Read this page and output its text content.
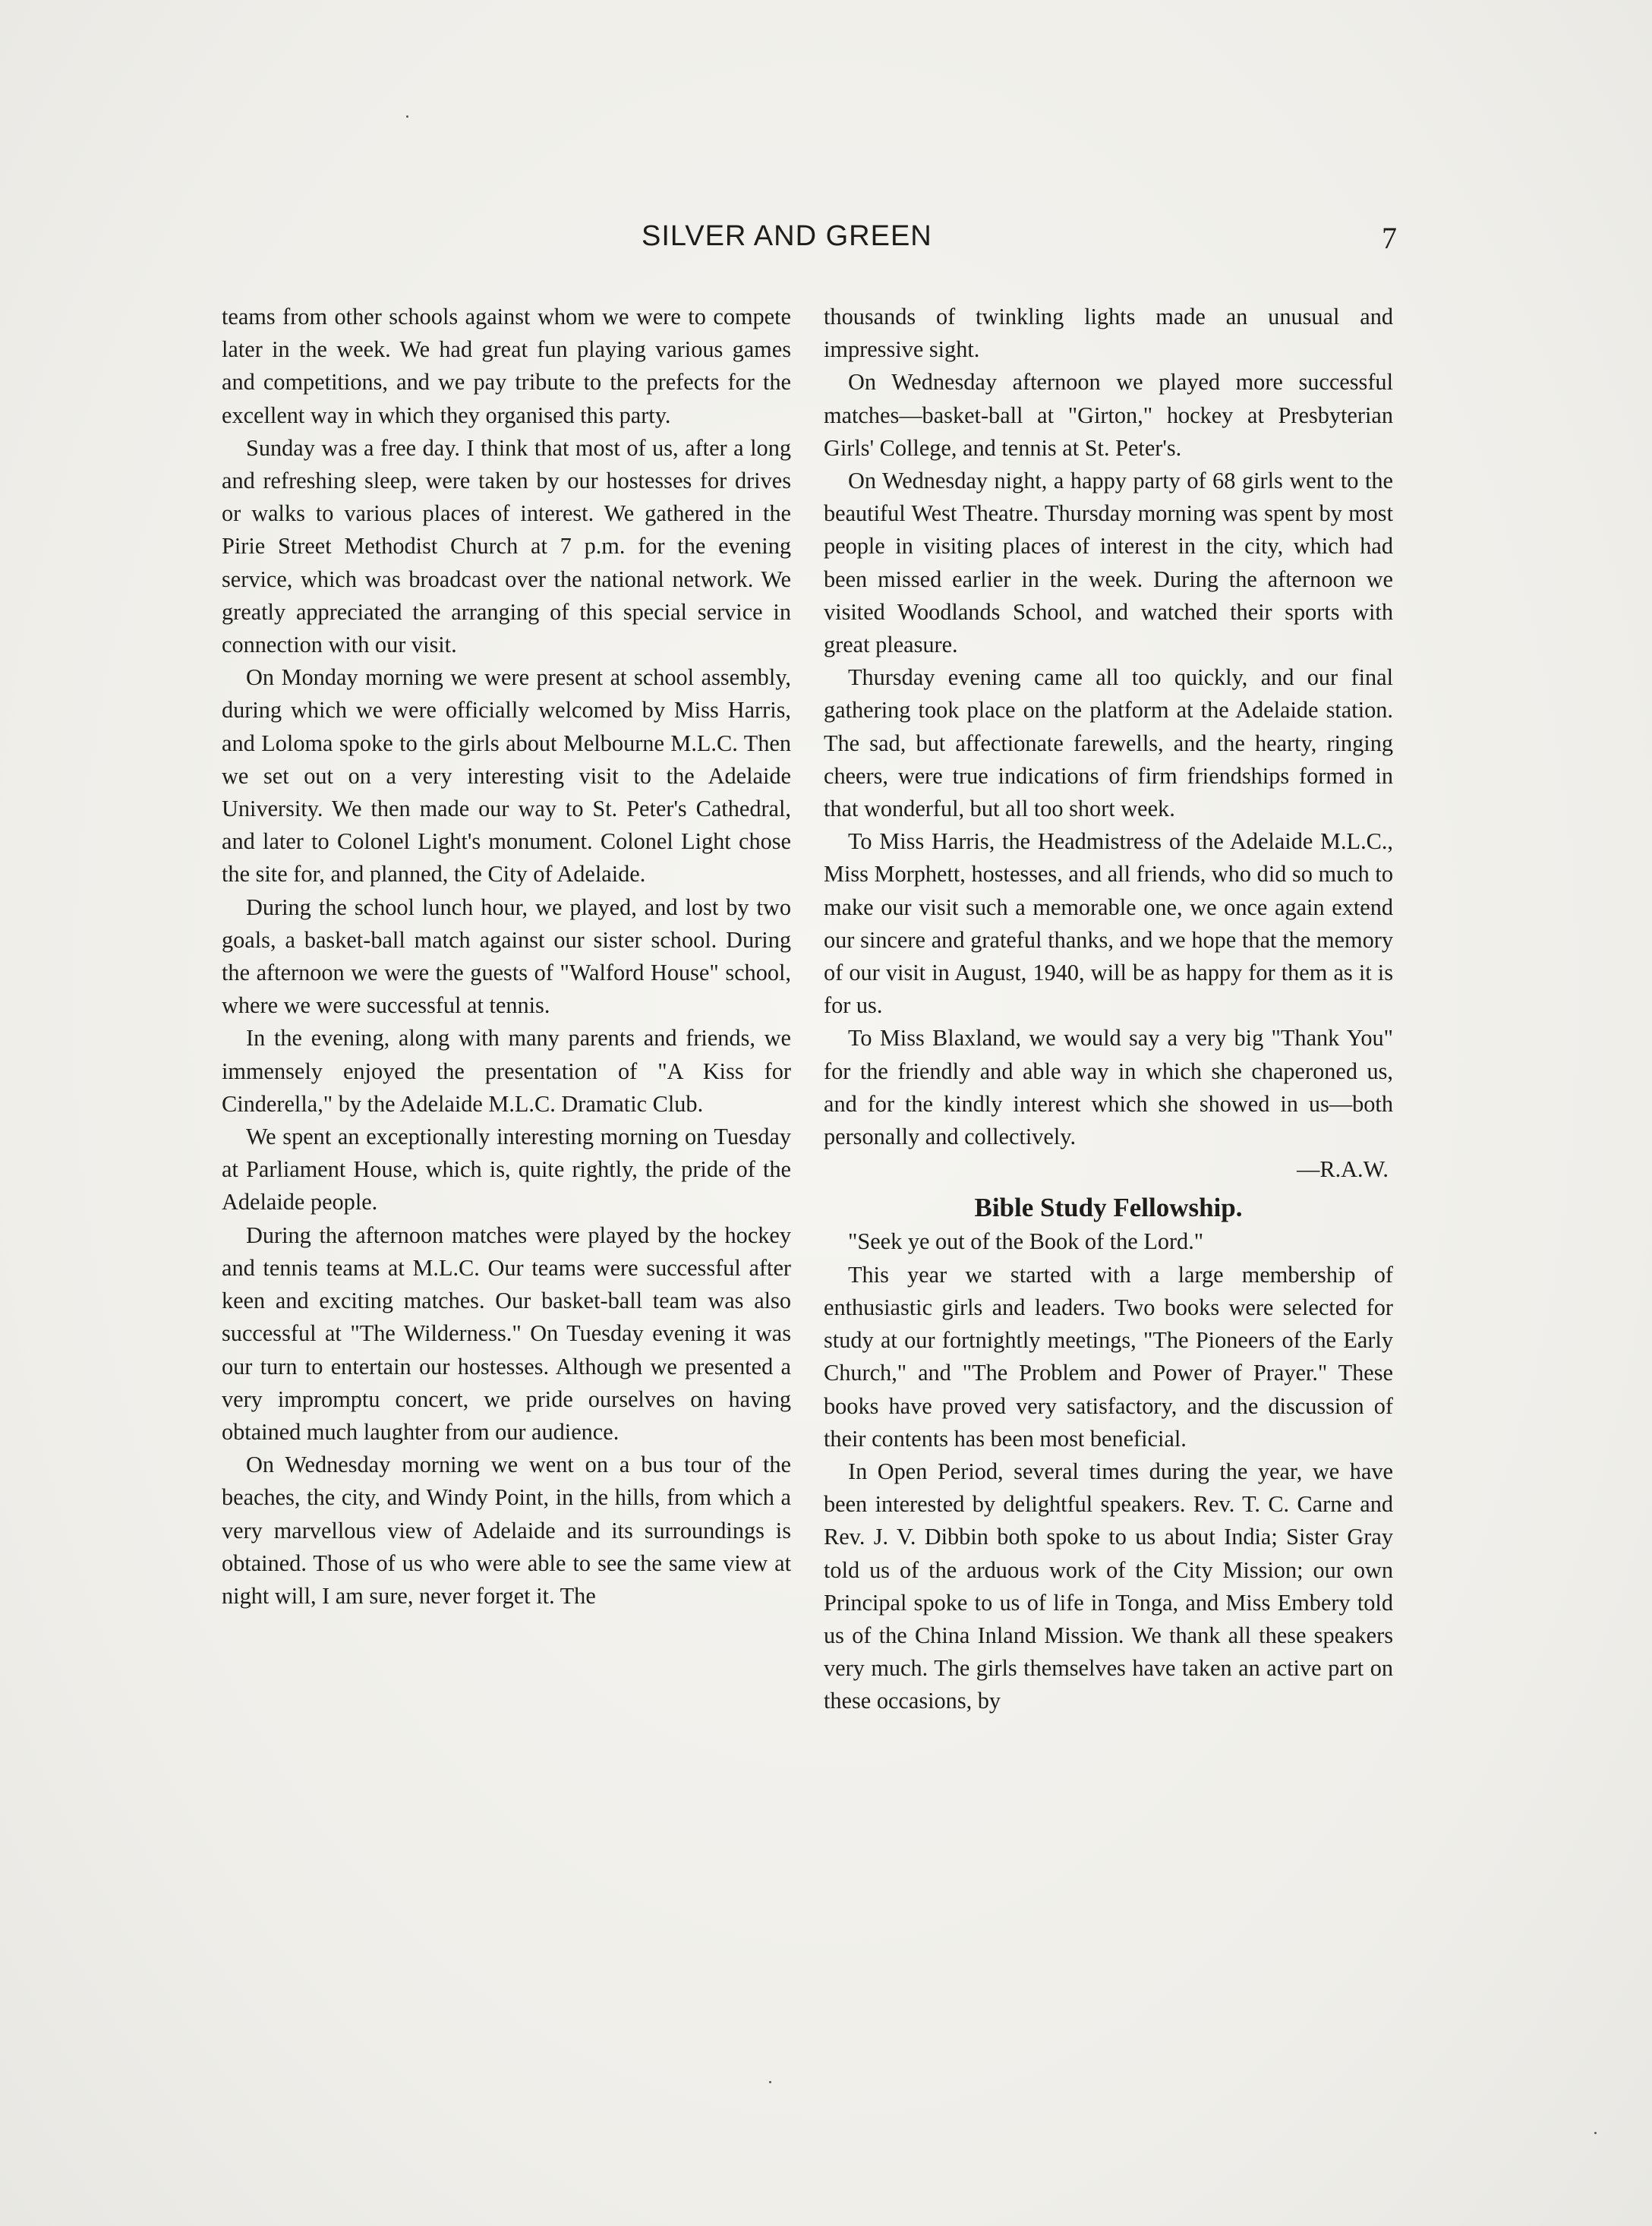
SILVER AND GREEN	7

teams from other schools against whom we were to compete later in the week. We had great fun playing various games and competitions, and we pay tribute to the prefects for the excellent way in which they organised this party.

Sunday was a free day. I think that most of us, after a long and refreshing sleep, were taken by our hostesses for drives or walks to various places of interest. We gathered in the Pirie Street Methodist Church at 7 p.m. for the evening service, which was broadcast over the national network. We greatly appreciated the arranging of this special service in connection with our visit.

On Monday morning we were present at school assembly, during which we were officially welcomed by Miss Harris, and Loloma spoke to the girls about Melbourne M.L.C. Then we set out on a very interesting visit to the Adelaide University. We then made our way to St. Peter's Cathedral, and later to Colonel Light's monument. Colonel Light chose the site for, and planned, the City of Adelaide.

During the school lunch hour, we played, and lost by two goals, a basket-ball match against our sister school. During the afternoon we were the guests of "Walford House" school, where we were successful at tennis.

In the evening, along with many parents and friends, we immensely enjoyed the presentation of "A Kiss for Cinderella," by the Adelaide M.L.C. Dramatic Club.

We spent an exceptionally interesting morning on Tuesday at Parliament House, which is, quite rightly, the pride of the Adelaide people.

During the afternoon matches were played by the hockey and tennis teams at M.L.C. Our teams were successful after keen and exciting matches. Our basket-ball team was also successful at "The Wilderness." On Tuesday evening it was our turn to entertain our hostesses. Although we presented a very impromptu concert, we pride ourselves on having obtained much laughter from our audience.

On Wednesday morning we went on a bus tour of the beaches, the city, and Windy Point, in the hills, from which a very marvellous view of Adelaide and its surroundings is obtained. Those of us who were able to see the same view at night will, I am sure, never forget it. The

thousands of twinkling lights made an unusual and impressive sight.

On Wednesday afternoon we played more successful matches—basket-ball at "Girton," hockey at Presbyterian Girls' College, and tennis at St. Peter's.

On Wednesday night, a happy party of 68 girls went to the beautiful West Theatre. Thursday morning was spent by most people in visiting places of interest in the city, which had been missed earlier in the week. During the afternoon we visited Woodlands School, and watched their sports with great pleasure.

Thursday evening came all too quickly, and our final gathering took place on the platform at the Adelaide station. The sad, but affectionate farewells, and the hearty, ringing cheers, were true indications of firm friendships formed in that wonderful, but all too short week.

To Miss Harris, the Headmistress of the Adelaide M.L.C., Miss Morphett, hostesses, and all friends, who did so much to make our visit such a memorable one, we once again extend our sincere and grateful thanks, and we hope that the memory of our visit in August, 1940, will be as happy for them as it is for us.

To Miss Blaxland, we would say a very big "Thank You" for the friendly and able way in which she chaperoned us, and for the kindly interest which she showed in us—both personally and collectively.

—R.A.W.

Bible Study Fellowship.

"Seek ye out of the Book of the Lord."

This year we started with a large membership of enthusiastic girls and leaders. Two books were selected for study at our fortnightly meetings, "The Pioneers of the Early Church," and "The Problem and Power of Prayer." These books have proved very satisfactory, and the discussion of their contents has been most beneficial.

In Open Period, several times during the year, we have been interested by delightful speakers. Rev. T. C. Carne and Rev. J. V. Dibbin both spoke to us about India; Sister Gray told us of the arduous work of the City Mission; our own Principal spoke to us of life in Tonga, and Miss Embery told us of the China Inland Mission. We thank all these speakers very much. The girls themselves have taken an active part on these occasions, by
